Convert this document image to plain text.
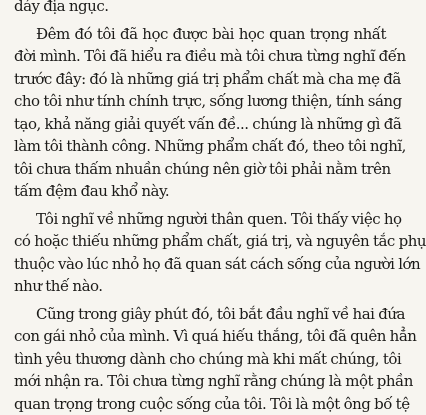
dáy địa ngục.
Đêm đó tôi đã học được bài học quan trọng nhất
đời mình. Tôi đã hiểu ra điều mà tôi chưa từng nghĩ đến
trước đây: đó là những giá trị phẩm chất mà cha mẹ đã
cho tôi như tính chính trực, sống lương thiện, tính sáng
tạo, khả năng giải quyết vấn đề... chúng là những gì đã
làm tôi thành công. Những phẩm chất đó, theo tôi nghĩ,
tôi chưa thấm nhuần chúng nên giờ tôi phải nằm trên
tấm đệm đau khổ này.
Tôi nghĩ về những người thân quen. Tôi thấy việc họ
có hoặc thiếu những phẩm chất, giá trị, và nguyên tắc phụ
thuộc vào lúc nhỏ họ đã quan sát cách sống của người lớn
như thế nào.
Cũng trong giây phút đó, tôi bắt đầu nghĩ về hai đứa
con gái nhỏ của mình. Vì quá hiếu thắng, tôi đã quên hẳn
tình yêu thương dành cho chúng mà khi mất chúng, tôi
mới nhận ra. Tôi chưa từng nghĩ rằng chúng là một phần
quan trọng trong cuộc sống của tôi. Tôi là một ông bố tệ
